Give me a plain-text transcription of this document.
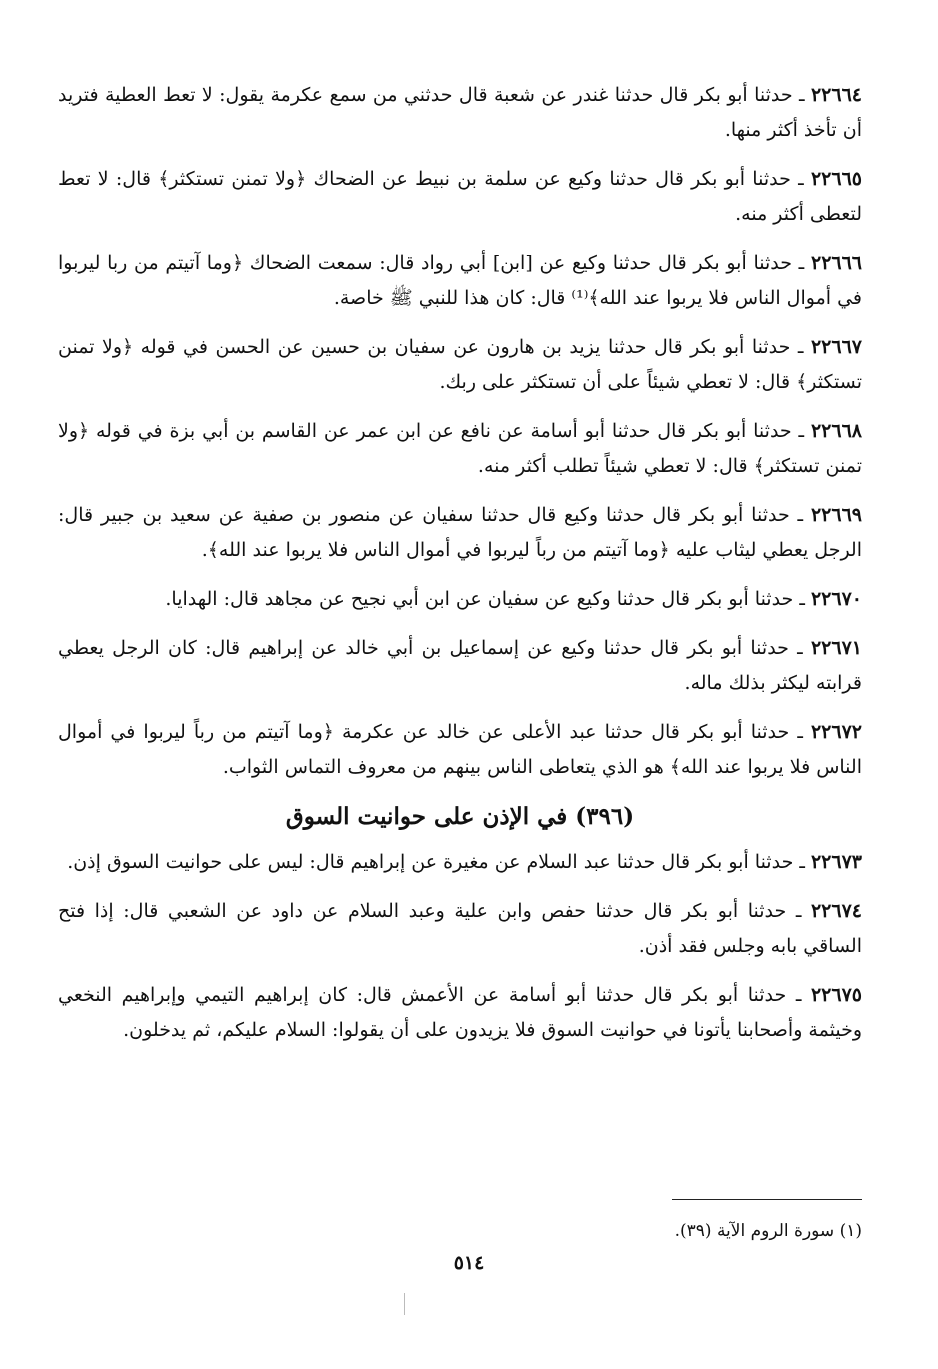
٢٢٦٦٤ ـ حدثنا أبو بكر قال حدثنا غندر عن شعبة قال حدثني من سمع عكرمة يقول: لا تعط العطية فتريد أن تأخذ أكثر منها.

٢٢٦٦٥ ـ حدثنا أبو بكر قال حدثنا وكيع عن سلمة بن نبيط عن الضحاك ﴿ولا تمنن تستكثر﴾ قال: لا تعط لتعطى أكثر منه.

٢٢٦٦٦ ـ حدثنا أبو بكر قال حدثنا وكيع عن [ابن] أبي رواد قال: سمعت الضحاك ﴿وما آتيتم من ربا ليربوا في أموال الناس فلا يربوا عند الله﴾⁽¹⁾ قال: كان هذا للنبي ﷺ خاصة.

٢٢٦٦٧ ـ حدثنا أبو بكر قال حدثنا يزيد بن هارون عن سفيان بن حسين عن الحسن في قوله ﴿ولا تمنن تستكثر﴾ قال: لا تعطي شيئاً على أن تستكثر على ربك.

٢٢٦٦٨ ـ حدثنا أبو بكر قال حدثنا أبو أسامة عن نافع عن ابن عمر عن القاسم بن أبي بزة في قوله ﴿ولا تمنن تستكثر﴾ قال: لا تعطي شيئاً تطلب أكثر منه.

٢٢٦٦٩ ـ حدثنا أبو بكر قال حدثنا وكيع قال حدثنا سفيان عن منصور بن صفية عن سعيد بن جبير قال: الرجل يعطي ليثاب عليه ﴿وما آتيتم من رباً ليربوا في أموال الناس فلا يربوا عند الله﴾.

٢٢٦٧٠ ـ حدثنا أبو بكر قال حدثنا وكيع عن سفيان عن ابن أبي نجيح عن مجاهد قال: الهدايا.

٢٢٦٧١ ـ حدثنا أبو بكر قال حدثنا وكيع عن إسماعيل بن أبي خالد عن إبراهيم قال: كان الرجل يعطي قرابته ليكثر بذلك ماله.

٢٢٦٧٢ ـ حدثنا أبو بكر قال حدثنا عبد الأعلى عن خالد عن عكرمة ﴿وما آتيتم من رباً ليربوا في أموال الناس فلا يربوا عند الله﴾ هو الذي يتعاطى الناس بينهم من معروف التماس الثواب.

(٣٩٦) في الإذن على حوانيت السوق

٢٢٦٧٣ ـ حدثنا أبو بكر قال حدثنا عبد السلام عن مغيرة عن إبراهيم قال: ليس على حوانيت السوق إذن.

٢٢٦٧٤ ـ حدثنا أبو بكر قال حدثنا حفص وابن علية وعبد السلام عن داود عن الشعبي قال: إذا فتح الساقي بابه وجلس فقد أذن.

٢٢٦٧٥ ـ حدثنا أبو بكر قال حدثنا أبو أسامة عن الأعمش قال: كان إبراهيم التيمي وإبراهيم النخعي وخيثمة وأصحابنا يأتونا في حوانيت السوق فلا يزيدون على أن يقولوا: السلام عليكم، ثم يدخلون.

(١) سورة الروم الآية (٣٩).
٥١٤
